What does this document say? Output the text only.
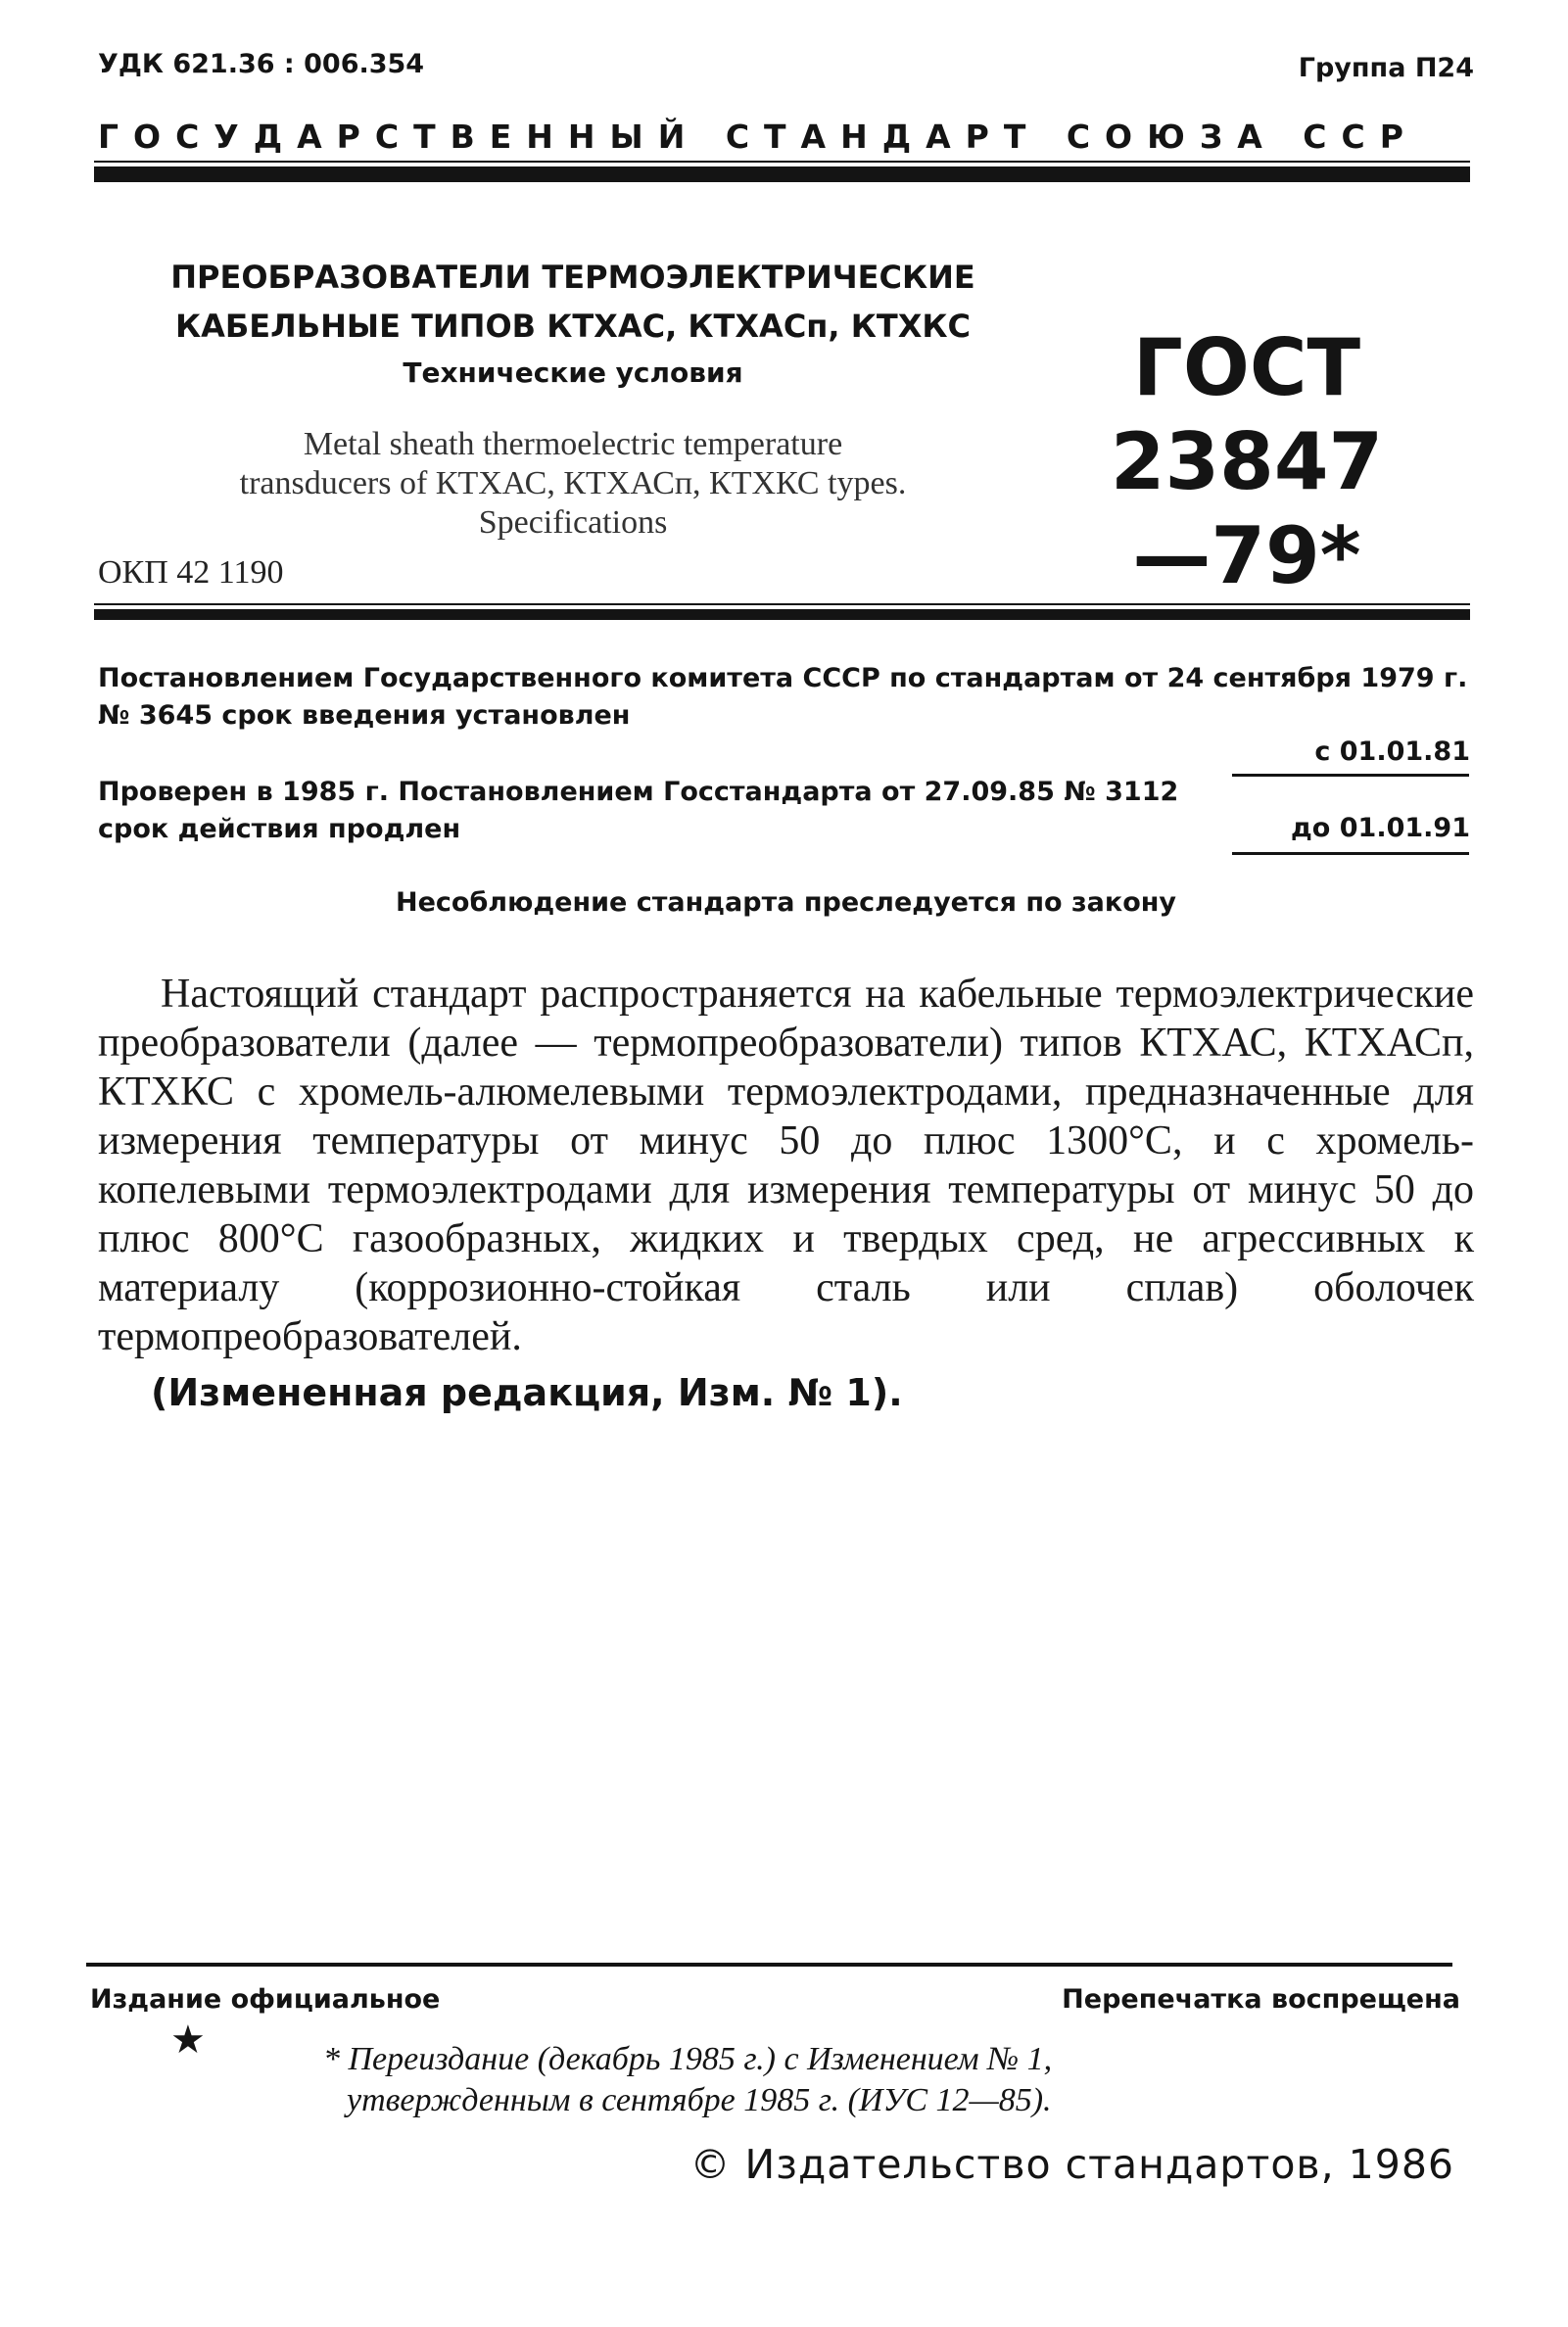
УДК 621.36 : 006.354	Группа П24
ГОСУДАРСТВЕННЫЙ СТАНДАРТ СОЮЗА ССР
ПРЕОБРАЗОВАТЕЛИ ТЕРМОЭЛЕКТРИЧЕСКИЕ
КАБЕЛЬНЫЕ ТИПОВ КТХАС, КТХАСп, КТХКС
Технические условия
Metal sheath thermoelectric temperature
transducers of КТХАС, КТХАСп, КТХКС types.
Specifications
ОКП 42 1190
ГОСТ
23847—79*
Постановлением Государственного комитета СССР по стандартам от 24 сентября 1979 г. № 3645 срок введения установлен
с 01.01.81
Проверен в 1985 г. Постановлением Госстандарта от 27.09.85 № 3112 срок действия продлен	до 01.01.91
Несоблюдение стандарта преследуется по закону

Настоящий стандарт распространяется на кабельные термоэлектрические преобразователи (далее — термопреобразователи) типов КТХАС, КТХАСп, КТХКС с хромель-алюмелевыми термоэлектродами, предназначенные для измерения температуры от минус 50 до плюс 1300°С, и с хромель-копелевыми термоэлектродами для измерения температуры от минус 50 до плюс 800°С газообразных, жидких и твердых сред, не агрессивных к материалу (коррозионно-стойкая сталь или сплав) оболочек термопреобразователей.

(Измененная редакция, Изм. № 1).
Издание официальное	Перепечатка воспрещена
★	* Переиздание (декабрь 1985 г.) с Изменением № 1,
утвержденным в сентябре 1985 г. (ИУС 12—85).
© Издательство стандартов, 1986
